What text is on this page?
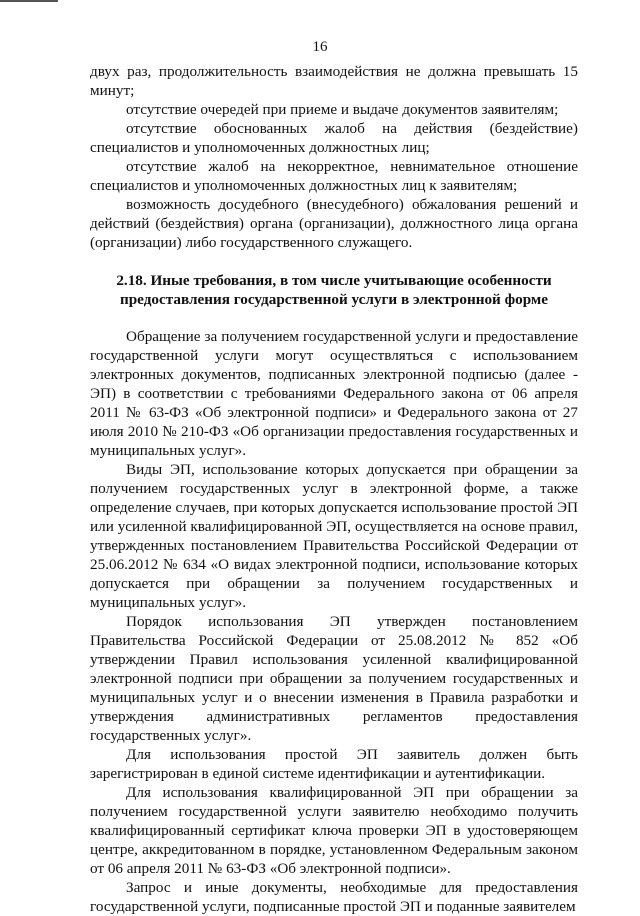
16

двух раз, продолжительность взаимодействия не должна превышать 15 минут;

отсутствие очередей при приеме и выдаче документов заявителям;

отсутствие обоснованных жалоб на действия (бездействие) специалистов и уполномоченных должностных лиц;

отсутствие жалоб на некорректное, невнимательное отношение специалистов и уполномоченных должностных лиц к заявителям;

возможность досудебного (внесудебного) обжалования решений и действий (бездействия) органа (организации), должностного лица органа (организации) либо государственного служащего.

2.18. Иные требования, в том числе учитывающие особенности предоставления государственной услуги в электронной форме

Обращение за получением государственной услуги и предоставление государственной услуги могут осуществляться с использованием электронных документов, подписанных электронной подписью (далее - ЭП) в соответствии с требованиями Федерального закона от 06 апреля 2011 № 63-ФЗ «Об электронной подписи» и Федерального закона от 27 июля 2010 № 210-ФЗ «Об организации предоставления государственных и муниципальных услуг».

Виды ЭП, использование которых допускается при обращении за получением государственных услуг в электронной форме, а также определение случаев, при которых допускается использование простой ЭП или усиленной квалифицированной ЭП, осуществляется на основе правил, утвержденных постановлением Правительства Российской Федерации от 25.06.2012 № 634 «О видах электронной подписи, использование которых допускается при обращении за получением государственных и муниципальных услуг».

Порядок использования ЭП утвержден постановлением Правительства Российской Федерации от 25.08.2012 № 852 «Об утверждении Правил использования усиленной квалифицированной электронной подписи при обращении за получением государственных и муниципальных услуг и о внесении изменения в Правила разработки и утверждения административных регламентов предоставления государственных услуг».

Для использования простой ЭП заявитель должен быть зарегистрирован в единой системе идентификации и аутентификации.

Для использования квалифицированной ЭП при обращении за получением государственной услуги заявителю необходимо получить квалифицированный сертификат ключа проверки ЭП в удостоверяющем центре, аккредитованном в порядке, установленном Федеральным законом от 06 апреля 2011 № 63-ФЗ «Об электронной подписи».

Запрос и иные документы, необходимые для предоставления государственной услуги, подписанные простой ЭП и поданные заявителем
